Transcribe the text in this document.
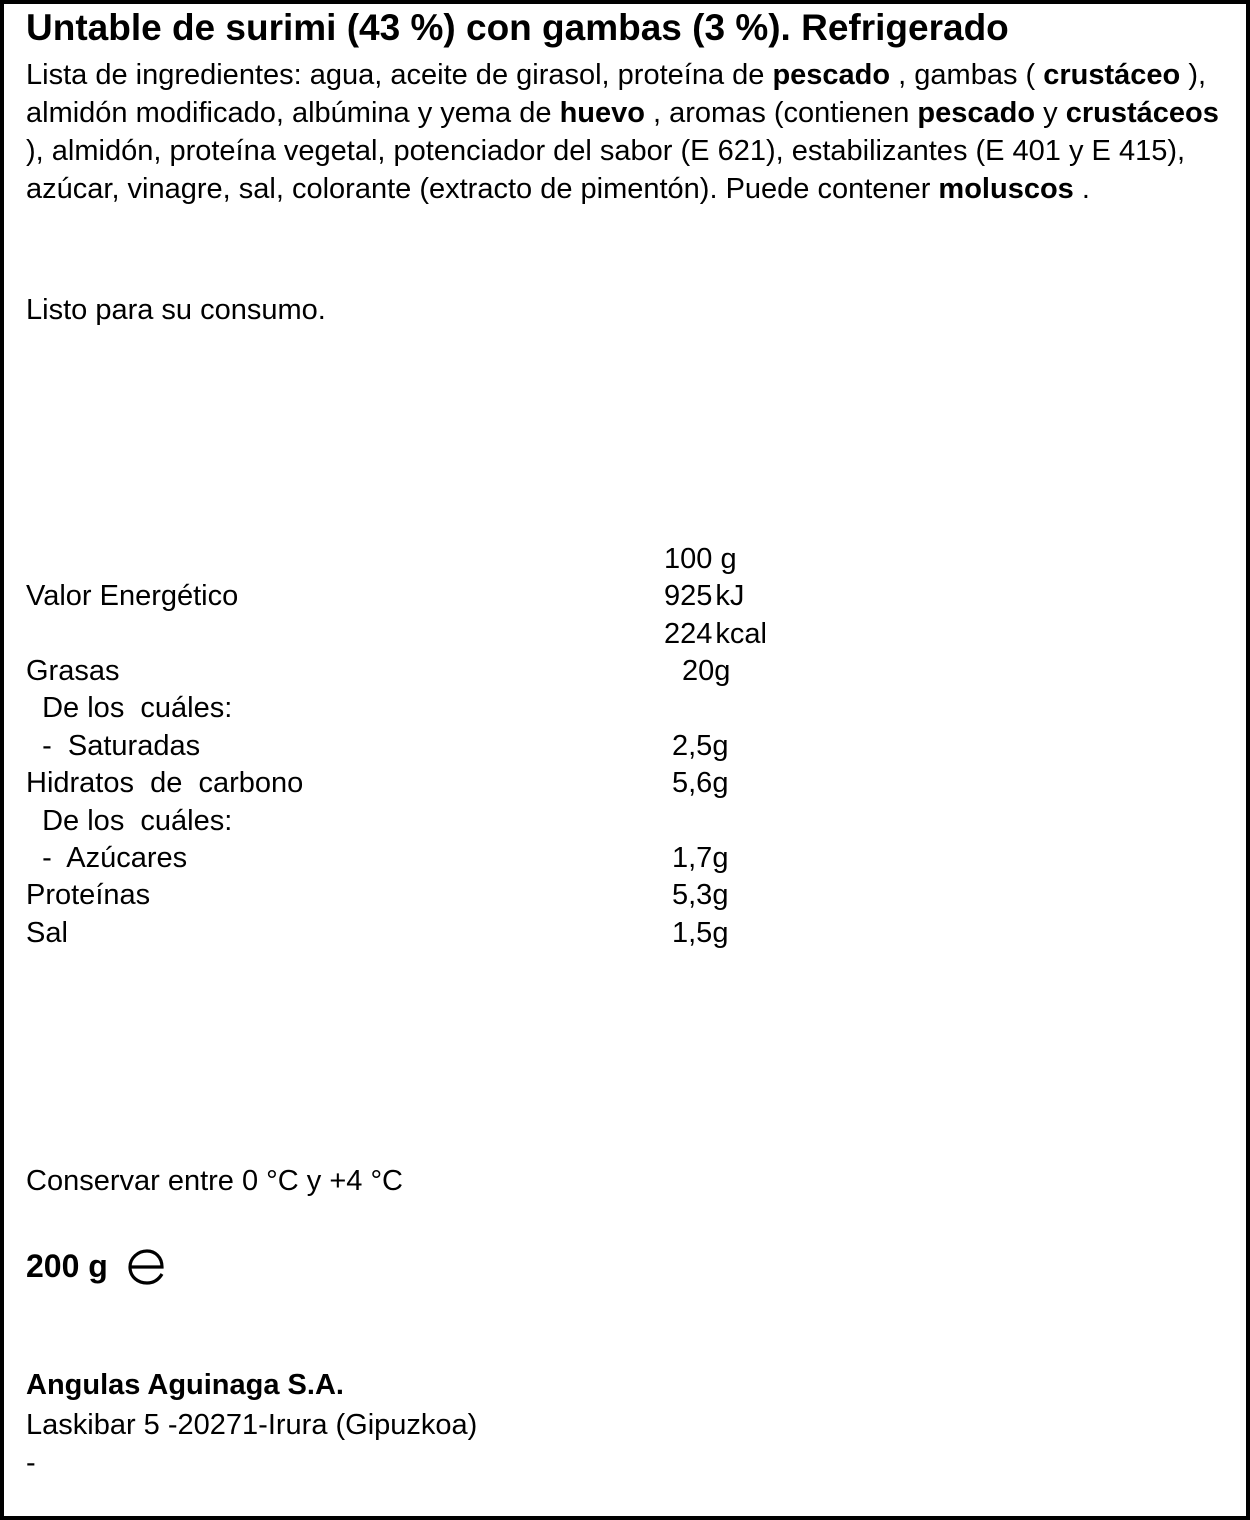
Untable de surimi (43 %) con gambas (3 %). Refrigerado
Lista de ingredientes: agua, aceite de girasol, proteína de pescado , gambas ( crustáceo ), almidón modificado, albúmina y yema de huevo , aromas (contienen pescado y crustáceos ), almidón, proteína vegetal, potenciador del sabor (E 621), estabilizantes (E 401 y E 415), azúcar, vinagre, sal, colorante (extracto de pimentón). Puede contener moluscos .
Listo para su consumo.
100 g
Valor Energético	925 kJ
224 kcal
Grasas	20g
De los  cuáles:
-  Saturadas	2,5g
Hidratos  de  carbono	5,6g
De los  cuáles:
-  Azúcares	1,7g
Proteínas	5,3g
Sal	1,5g
Conservar entre 0 °C y +4 °C
200 g
Angulas Aguinaga S.A.
Laskibar 5 -20271-Irura (Gipuzkoa)
-
